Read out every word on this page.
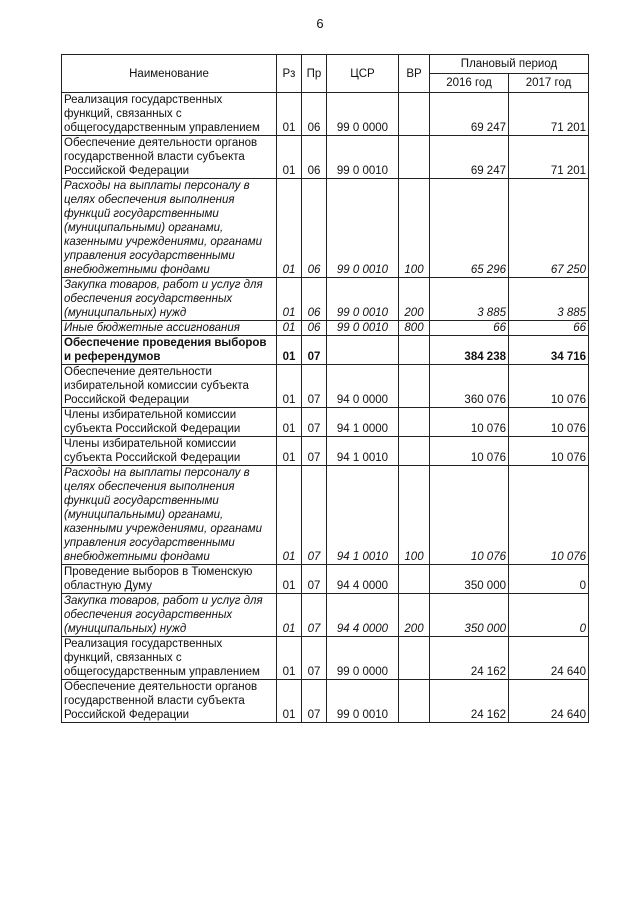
6
Наименование	Рз	Пр	ЦСР	ВР	Плановый период	
					2016 год	2017 год
Реализация государственных функций, связанных с общегосударственным управлением	01	06	99 0 0000		69 247	71 201
Обеспечение деятельности органов государственной власти субъекта Российской Федерации	01	06	99 0 0010		69 247	71 201
Расходы на выплаты персоналу в целях обеспечения выполнения функций государственными (муниципальными) органами, казенными учреждениями, органами управления государственными внебюджетными фондами	01	06	99 0 0010	100	65 296	67 250
Закупка товаров, работ и услуг для обеспечения государственных (муниципальных) нужд	01	06	99 0 0010	200	3 885	3 885
Иные бюджетные ассигнования	01	06	99 0 0010	800	66	66
Обеспечение проведения выборов и референдумов	01	07			384 238	34 716
Обеспечение деятельности избирательной комиссии субъекта Российской Федерации	01	07	94 0 0000		360 076	10 076
Члены избирательной комиссии субъекта Российской Федерации	01	07	94 1 0000		10 076	10 076
Члены избирательной комиссии субъекта Российской Федерации	01	07	94 1 0010		10 076	10 076
Расходы на выплаты персоналу в целях обеспечения выполнения функций государственными (муниципальными) органами, казенными учреждениями, органами управления государственными внебюджетными фондами	01	07	94 1 0010	100	10 076	10 076
Проведение выборов в Тюменскую областную Думу	01	07	94 4 0000		350 000	0
Закупка товаров, работ и услуг для обеспечения государственных (муниципальных) нужд	01	07	94 4 0000	200	350 000	0
Реализация государственных функций, связанных с общегосударственным управлением	01	07	99 0 0000		24 162	24 640
Обеспечение деятельности органов государственной власти субъекта Российской Федерации	01	07	99 0 0010		24 162	24 640
